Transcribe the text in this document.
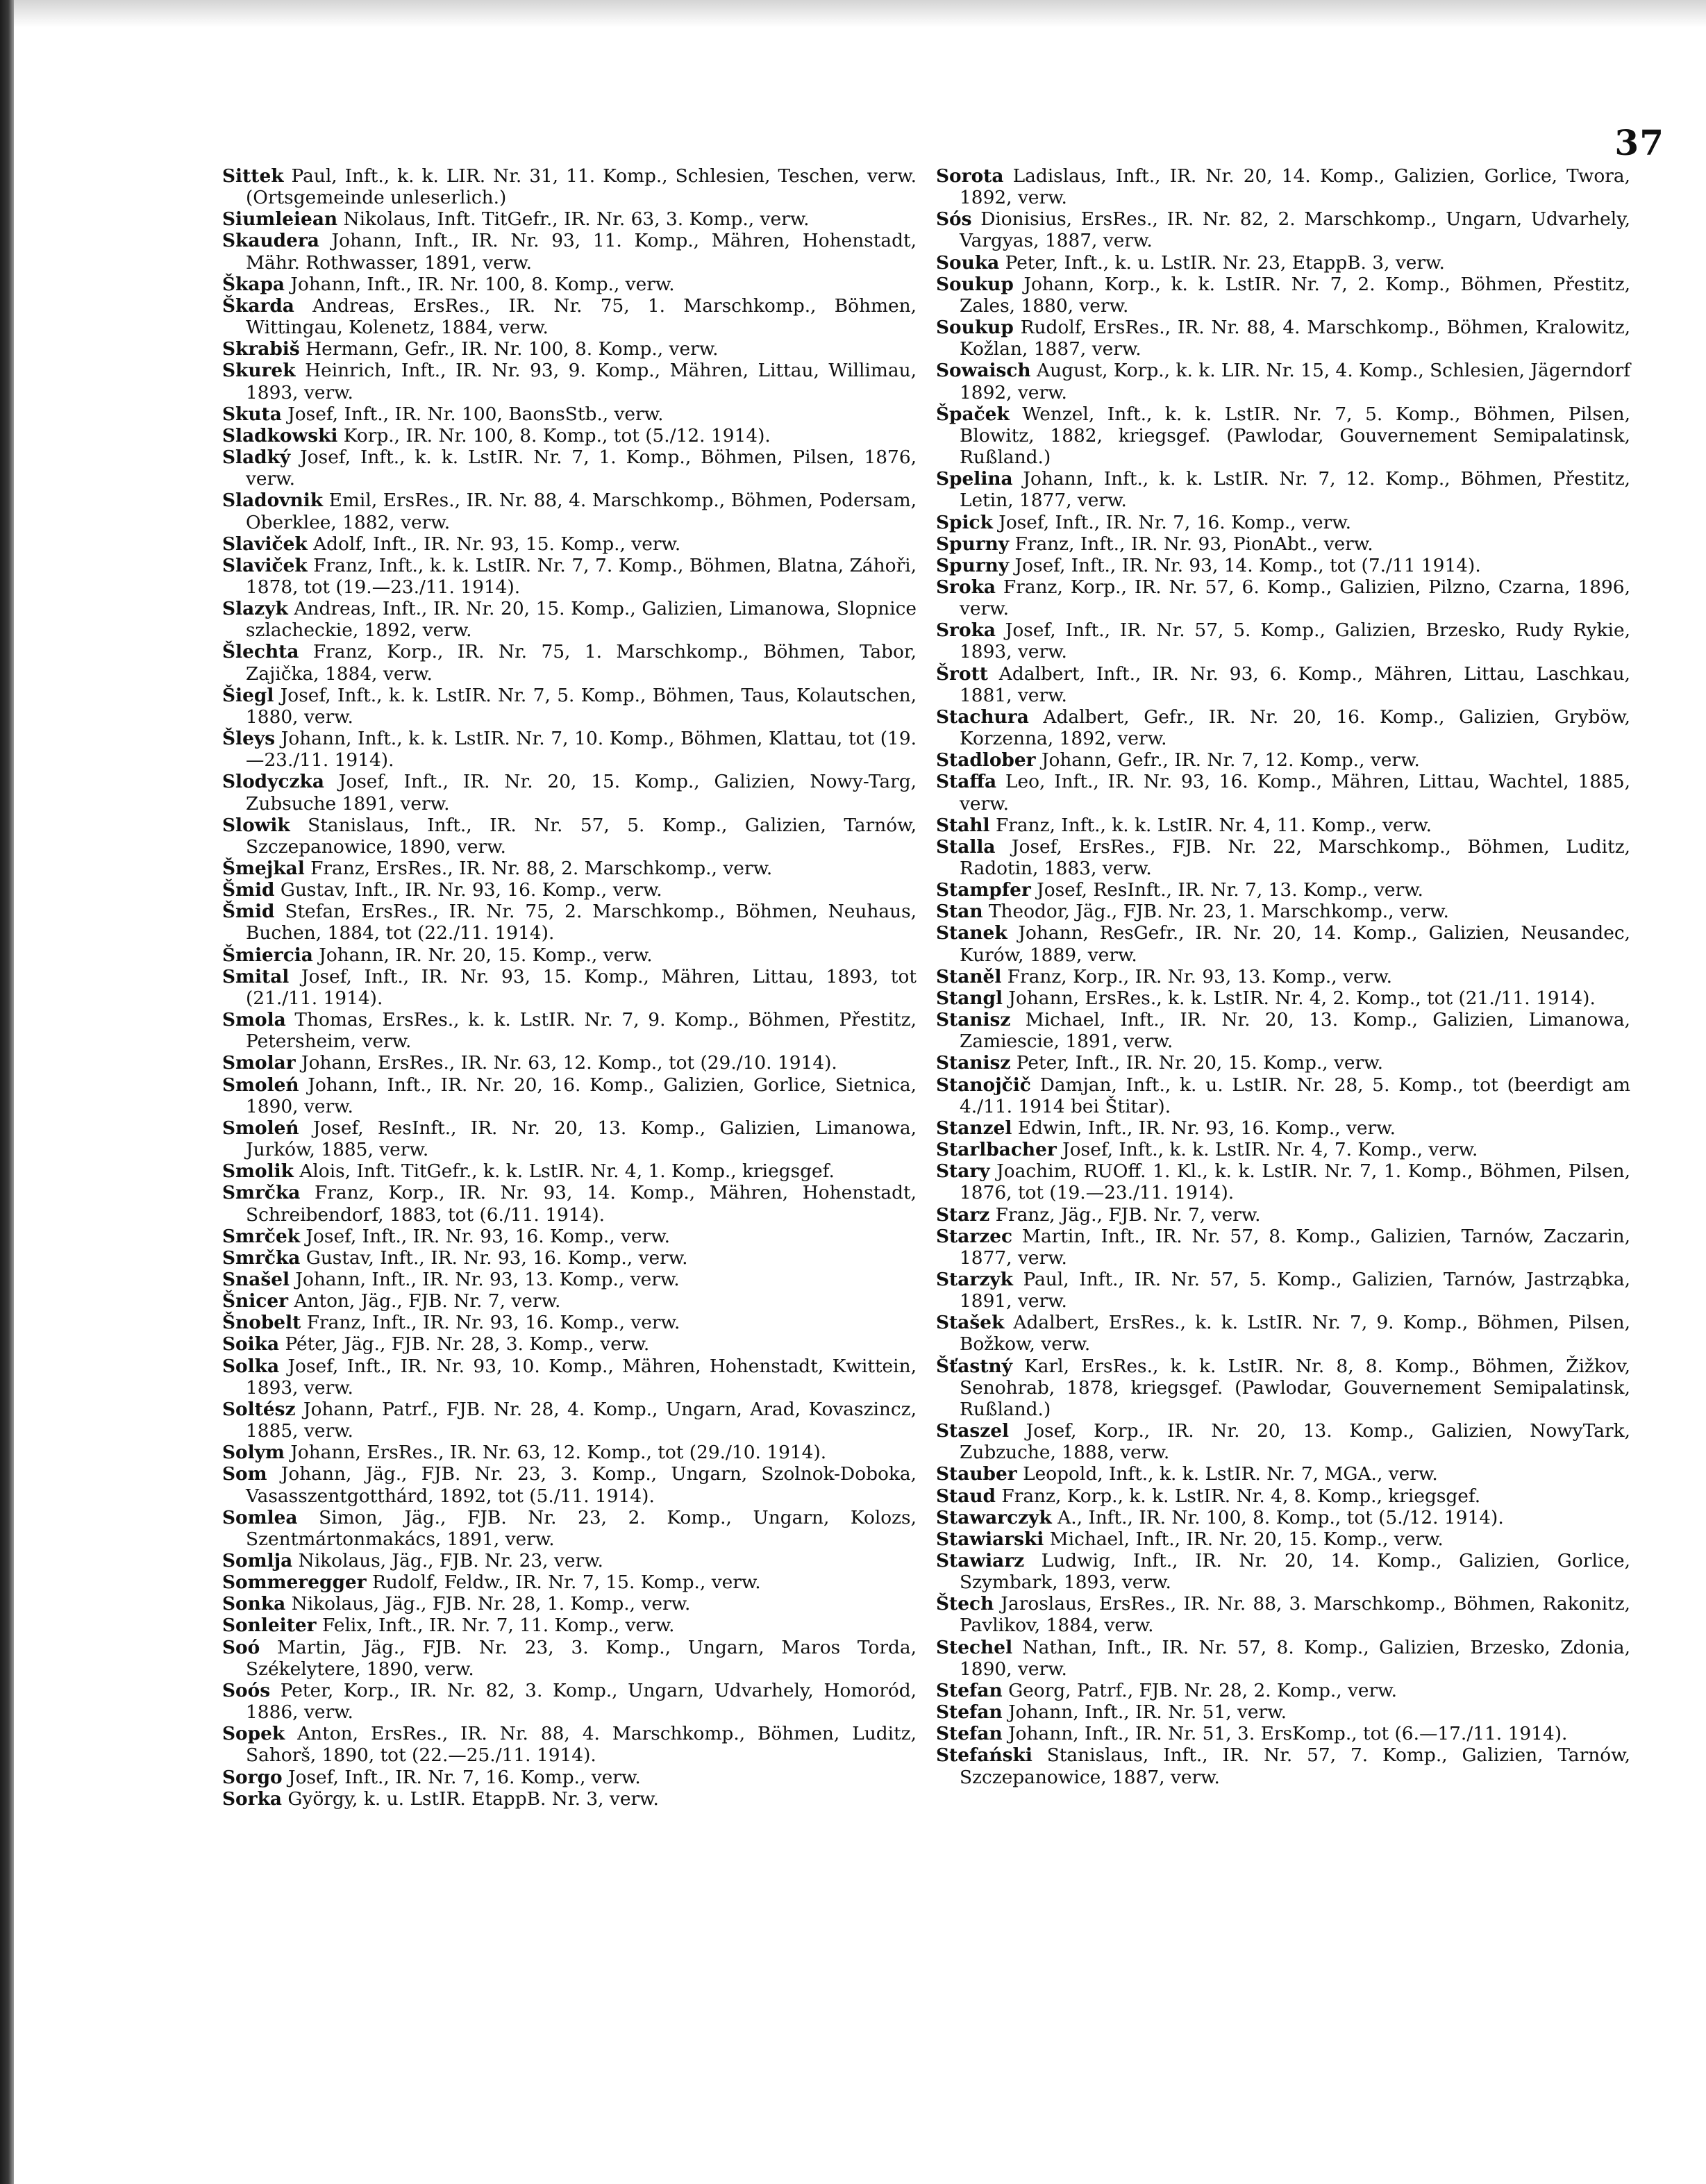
37
Sittek Paul, Inft., k. k. LIR. Nr. 31, 11. Komp., Schlesien, Teschen, verw. (Ortsgemeinde unleserlich.)
Siumleiean Nikolaus, Inft. TitGefr., IR. Nr. 63, 3. Komp., verw.
Skaudera Johann, Inft., IR. Nr. 93, 11. Komp., Mähren, Hohenstadt, Mähr. Rothwasser, 1891, verw.
Škapa Johann, Inft., IR. Nr. 100, 8. Komp., verw.
Škarda Andreas, ErsRes., IR. Nr. 75, 1. Marschkomp., Böhmen, Wittingau, Kolenetz, 1884, verw.
Skrabiš Hermann, Gefr., IR. Nr. 100, 8. Komp., verw.
Skurek Heinrich, Inft., IR. Nr. 93, 9. Komp., Mähren, Littau, Willimau, 1893, verw.
Skuta Josef, Inft., IR. Nr. 100, BaonsStb., verw.
Sladkowski Korp., IR. Nr. 100, 8. Komp., tot (5./12. 1914).
Sladký Josef, Inft., k. k. LstIR. Nr. 7, 1. Komp., Böhmen, Pilsen, 1876, verw.
Sladovnik Emil, ErsRes., IR. Nr. 88, 4. Marschkomp., Böhmen, Podersam, Oberklee, 1882, verw.
Slaviček Adolf, Inft., IR. Nr. 93, 15. Komp., verw.
Slaviček Franz, Inft., k. k. LstIR. Nr. 7, 7. Komp., Böhmen, Blatna, Záhoři, 1878, tot (19.—23./11. 1914).
Slazyk Andreas, Inft., IR. Nr. 20, 15. Komp., Galizien, Limanowa, Slopnice szlacheckie, 1892, verw.
Šlechta Franz, Korp., IR. Nr. 75, 1. Marschkomp., Böhmen, Tabor, Zajička, 1884, verw.
Šiegl Josef, Inft., k. k. LstIR. Nr. 7, 5. Komp., Böhmen, Taus, Kolautschen, 1880, verw.
Šleys Johann, Inft., k. k. LstIR. Nr. 7, 10. Komp., Böhmen, Klattau, tot (19.—23./11. 1914).
Slodyczka Josef, Inft., IR. Nr. 20, 15. Komp., Galizien, Nowy-Targ, Zubsuche 1891, verw.
Slowik Stanislaus, Inft., IR. Nr. 57, 5. Komp., Galizien, Tarnów, Szczepanowice, 1890, verw.
Šmejkal Franz, ErsRes., IR. Nr. 88, 2. Marschkomp., verw.
Šmid Gustav, Inft., IR. Nr. 93, 16. Komp., verw.
Šmid Stefan, ErsRes., IR. Nr. 75, 2. Marschkomp., Böhmen, Neuhaus, Buchen, 1884, tot (22./11. 1914).
Šmiercia Johann, IR. Nr. 20, 15. Komp., verw.
Smital Josef, Inft., IR. Nr. 93, 15. Komp., Mähren, Littau, 1893, tot (21./11. 1914).
Smola Thomas, ErsRes., k. k. LstIR. Nr. 7, 9. Komp., Böhmen, Přestitz, Petersheim, verw.
Smolar Johann, ErsRes., IR. Nr. 63, 12. Komp., tot (29./10. 1914).
Smoleń Johann, Inft., IR. Nr. 20, 16. Komp., Galizien, Gorlice, Sietnica, 1890, verw.
Smoleń Josef, ResInft., IR. Nr. 20, 13. Komp., Galizien, Limanowa, Jurków, 1885, verw.
Smolik Alois, Inft. TitGefr., k. k. LstIR. Nr. 4, 1. Komp., kriegsgef.
Smrčka Franz, Korp., IR. Nr. 93, 14. Komp., Mähren, Hohenstadt, Schreibendorf, 1883, tot (6./11. 1914).
Smrček Josef, Inft., IR. Nr. 93, 16. Komp., verw.
Smrčka Gustav, Inft., IR. Nr. 93, 16. Komp., verw.
Snašel Johann, Inft., IR. Nr. 93, 13. Komp., verw.
Šnicer Anton, Jäg., FJB. Nr. 7, verw.
Šnobelt Franz, Inft., IR. Nr. 93, 16. Komp., verw.
Soika Péter, Jäg., FJB. Nr. 28, 3. Komp., verw.
Solka Josef, Inft., IR. Nr. 93, 10. Komp., Mähren, Hohenstadt, Kwittein, 1893, verw.
Soltész Johann, Patrf., FJB. Nr. 28, 4. Komp., Ungarn, Arad, Kovaszincz, 1885, verw.
Solym Johann, ErsRes., IR. Nr. 63, 12. Komp., tot (29./10. 1914).
Som Johann, Jäg., FJB. Nr. 23, 3. Komp., Ungarn, Szolnok-Doboka, Vasasszentgotthárd, 1892, tot (5./11. 1914).
Somlea Simon, Jäg., FJB. Nr. 23, 2. Komp., Ungarn, Kolozs, Szentmártonmakács, 1891, verw.
Somlja Nikolaus, Jäg., FJB. Nr. 23, verw.
Sommeregger Rudolf, Feldw., IR. Nr. 7, 15. Komp., verw.
Sonka Nikolaus, Jäg., FJB. Nr. 28, 1. Komp., verw.
Sonleiter Felix, Inft., IR. Nr. 7, 11. Komp., verw.
Soó Martin, Jäg., FJB. Nr. 23, 3. Komp., Ungarn, Maros Torda, Székelytere, 1890, verw.
Soós Peter, Korp., IR. Nr. 82, 3. Komp., Ungarn, Udvarhely, Homoród, 1886, verw.
Sopek Anton, ErsRes., IR. Nr. 88, 4. Marschkomp., Böhmen, Luditz, Sahorš, 1890, tot (22.—25./11. 1914).
Sorgo Josef, Inft., IR. Nr. 7, 16. Komp., verw.
Sorka György, k. u. LstIR. EtappB. Nr. 3, verw.
Sorota Ladislaus, Inft., IR. Nr. 20, 14. Komp., Galizien, Gorlice, Twora, 1892, verw.
Sós Dionisius, ErsRes., IR. Nr. 82, 2. Marschkomp., Ungarn, Udvarhely, Vargyas, 1887, verw.
Souka Peter, Inft., k. u. LstIR. Nr. 23, EtappB. 3, verw.
Soukup Johann, Korp., k. k. LstIR. Nr. 7, 2. Komp., Böhmen, Přestitz, Zales, 1880, verw.
Soukup Rudolf, ErsRes., IR. Nr. 88, 4. Marschkomp., Böhmen, Kralowitz, Kožlan, 1887, verw.
Sowaisch August, Korp., k. k. LIR. Nr. 15, 4. Komp., Schlesien, Jägerndorf 1892, verw.
Špaček Wenzel, Inft., k. k. LstIR. Nr. 7, 5. Komp., Böhmen, Pilsen, Blowitz, 1882, kriegsgef. (Pawlodar, Gouvernement Semipalatinsk, Rußland.)
Spelina Johann, Inft., k. k. LstIR. Nr. 7, 12. Komp., Böhmen, Přestitz, Letin, 1877, verw.
Spick Josef, Inft., IR. Nr. 7, 16. Komp., verw.
Spurny Franz, Inft., IR. Nr. 93, PionAbt., verw.
Spurny Josef, Inft., IR. Nr. 93, 14. Komp., tot (7./11 1914).
Sroka Franz, Korp., IR. Nr. 57, 6. Komp., Galizien, Pilzno, Czarna, 1896, verw.
Sroka Josef, Inft., IR. Nr. 57, 5. Komp., Galizien, Brzesko, Rudy Rykie, 1893, verw.
Šrott Adalbert, Inft., IR. Nr. 93, 6. Komp., Mähren, Littau, Laschkau, 1881, verw.
Stachura Adalbert, Gefr., IR. Nr. 20, 16. Komp., Galizien, Gryböw, Korzenna, 1892, verw.
Stadlober Johann, Gefr., IR. Nr. 7, 12. Komp., verw.
Staffa Leo, Inft., IR. Nr. 93, 16. Komp., Mähren, Littau, Wachtel, 1885, verw.
Stahl Franz, Inft., k. k. LstIR. Nr. 4, 11. Komp., verw.
Stalla Josef, ErsRes., FJB. Nr. 22, Marschkomp., Böhmen, Luditz, Radotin, 1883, verw.
Stampfer Josef, ResInft., IR. Nr. 7, 13. Komp., verw.
Stan Theodor, Jäg., FJB. Nr. 23, 1. Marschkomp., verw.
Stanek Johann, ResGefr., IR. Nr. 20, 14. Komp., Galizien, Neusandec, Kurów, 1889, verw.
Staněl Franz, Korp., IR. Nr. 93, 13. Komp., verw.
Stangl Johann, ErsRes., k. k. LstIR. Nr. 4, 2. Komp., tot (21./11. 1914).
Stanisz Michael, Inft., IR. Nr. 20, 13. Komp., Galizien, Limanowa, Zamiescie, 1891, verw.
Stanisz Peter, Inft., IR. Nr. 20, 15. Komp., verw.
Stanojčič Damjan, Inft., k. u. LstIR. Nr. 28, 5. Komp., tot (beerdigt am 4./11. 1914 bei Štitar).
Stanzel Edwin, Inft., IR. Nr. 93, 16. Komp., verw.
Starlbacher Josef, Inft., k. k. LstIR. Nr. 4, 7. Komp., verw.
Stary Joachim, RUOff. 1. Kl., k. k. LstIR. Nr. 7, 1. Komp., Böhmen, Pilsen, 1876, tot (19.—23./11. 1914).
Starz Franz, Jäg., FJB. Nr. 7, verw.
Starzec Martin, Inft., IR. Nr. 57, 8. Komp., Galizien, Tarnów, Zaczarin, 1877, verw.
Starzyk Paul, Inft., IR. Nr. 57, 5. Komp., Galizien, Tarnów, Jastrząbka, 1891, verw.
Stašek Adalbert, ErsRes., k. k. LstIR. Nr. 7, 9. Komp., Böhmen, Pilsen, Božkow, verw.
Šťastný Karl, ErsRes., k. k. LstIR. Nr. 8, 8. Komp., Böhmen, Žižkov, Senohrab, 1878, kriegsgef. (Pawlodar, Gouvernement Semipalatinsk, Rußland.)
Staszel Josef, Korp., IR. Nr. 20, 13. Komp., Galizien, NowyTark, Zubzuche, 1888, verw.
Stauber Leopold, Inft., k. k. LstIR. Nr. 7, MGA., verw.
Staud Franz, Korp., k. k. LstIR. Nr. 4, 8. Komp., kriegsgef.
Stawarczyk A., Inft., IR. Nr. 100, 8. Komp., tot (5./12. 1914).
Stawiarski Michael, Inft., IR. Nr. 20, 15. Komp., verw.
Stawiarz Ludwig, Inft., IR. Nr. 20, 14. Komp., Galizien, Gorlice, Szymbark, 1893, verw.
Štech Jaroslaus, ErsRes., IR. Nr. 88, 3. Marschkomp., Böhmen, Rakonitz, Pavlikov, 1884, verw.
Stechel Nathan, Inft., IR. Nr. 57, 8. Komp., Galizien, Brzesko, Zdonia, 1890, verw.
Stefan Georg, Patrf., FJB. Nr. 28, 2. Komp., verw.
Stefan Johann, Inft., IR. Nr. 51, verw.
Stefan Johann, Inft., IR. Nr. 51, 3. ErsKomp., tot (6.—17./11. 1914).
Stefański Stanislaus, Inft., IR. Nr. 57, 7. Komp., Galizien, Tarnów, Szczepanowice, 1887, verw.
